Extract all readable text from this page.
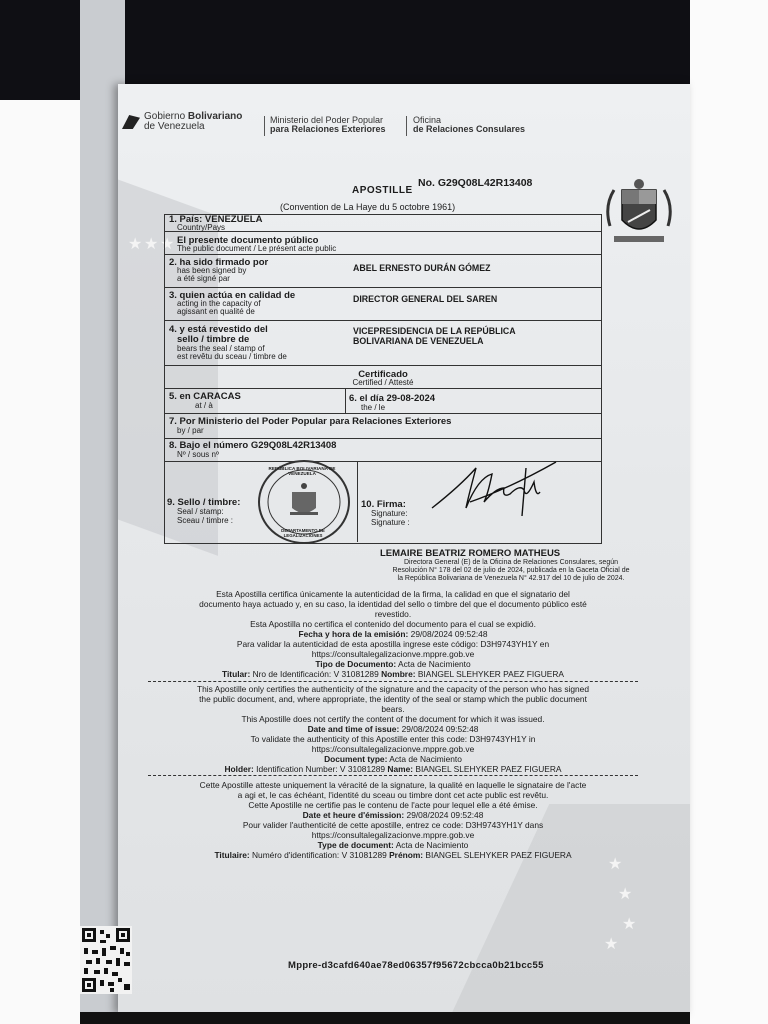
★ ★ ★
★
★
★
★
Gobierno Bolivariano
de Venezuela
Ministerio del Poder Popular
para Relaciones Exteriores
Oficina
de Relaciones Consulares
No. G29Q08L42R13408
APOSTILLE
(Convention de La Haye du 5 octobre 1961)
1. País: VENEZUELA
Country/Pays
El presente documento público
The public document / Le présent acte public
2. ha sido firmado por
has been signed by
a été signé par
ABEL ERNESTO DURÁN GÓMEZ
3. quien actúa en calidad de
acting in the capacity of
agissant en qualité de
DIRECTOR GENERAL DEL SAREN
4. y está revestido del
sello / timbre de
bears the seal / stamp of
est revêtu du sceau / timbre de
VICEPRESIDENCIA DE LA REPÚBLICA
BOLIVARIANA DE VENEZUELA
Certificado
Certified / Attesté
5. en CARACAS
at / à
6. el día 29-08-2024
the / le
7. Por Ministerio del Poder Popular para Relaciones Exteriores
by / par
8. Bajo el número G29Q08L42R13408
Nº / sous nº
9. Sello / timbre:
Seal / stamp:
Sceau / timbre :
10. Firma:
Signature:
Signature :
REPÚBLICA BOLIVARIANA DE VENEZUELA
DEPARTAMENTO DE LEGALIZACIONES
LEMAIRE BEATRIZ ROMERO MATHEUS
Directora General (E) de la Oficina de Relaciones Consulares, según
Resolución N° 178 del 02 de julio de 2024, publicada en la Gaceta Oficial de
la República Bolivariana de Venezuela N° 42.917 del 10 de julio de 2024.
Esta Apostilla certifica únicamente la autenticidad de la firma, la calidad en que el signatario del
documento haya actuado y, en su caso, la identidad del sello o timbre del que el documento público esté
revestido.
Esta Apostilla no certifica el contenido del documento para el cual se expidió.
Fecha y hora de la emisión: 29/08/2024 09:52:48
Para validar la autenticidad de esta apostilla ingrese este código: D3H9743YH1Y en
https://consultalegalizacionve.mppre.gob.ve
Tipo de Documento: Acta de Nacimiento
Titular: Nro de Identificación: V 31081289 Nombre: BIANGEL SLEHYKER PAEZ FIGUERA
This Apostille only certifies the authenticity of the signature and the capacity of the person who has signed
the public document, and, where appropriate, the identity of the seal or stamp which the public document
bears.
This Apostille does not certify the content of the document for which it was issued.
Date and time of issue: 29/08/2024 09:52:48
To validate the authenticity of this Apostille enter this code: D3H9743YH1Y in
https://consultalegalizacionve.mppre.gob.ve
Document type: Acta de Nacimiento
Holder: Identification Number: V 31081289 Name: BIANGEL SLEHYKER PAEZ FIGUERA
Cette Apostille atteste uniquement la véracité de la signature, la qualité en laquelle le signataire de l'acte
a agi et, le cas échéant, l'identité du sceau ou timbre dont cet acte public est revêtu.
Cette Apostille ne certifie pas le contenu de l'acte pour lequel elle a été émise.
Date et heure d'émission: 29/08/2024 09:52:48
Pour valider l'authenticité de cette apostille, entrez ce code: D3H9743YH1Y dans
https://consultalegalizacionve.mppre.gob.ve
Type de document: Acta de Nacimiento
Titulaire: Numéro d'identification: V 31081289 Prénom: BIANGEL SLEHYKER PAEZ FIGUERA
Mppre-d3cafd640ae78ed06357f95672cbcca0b21bcc55
